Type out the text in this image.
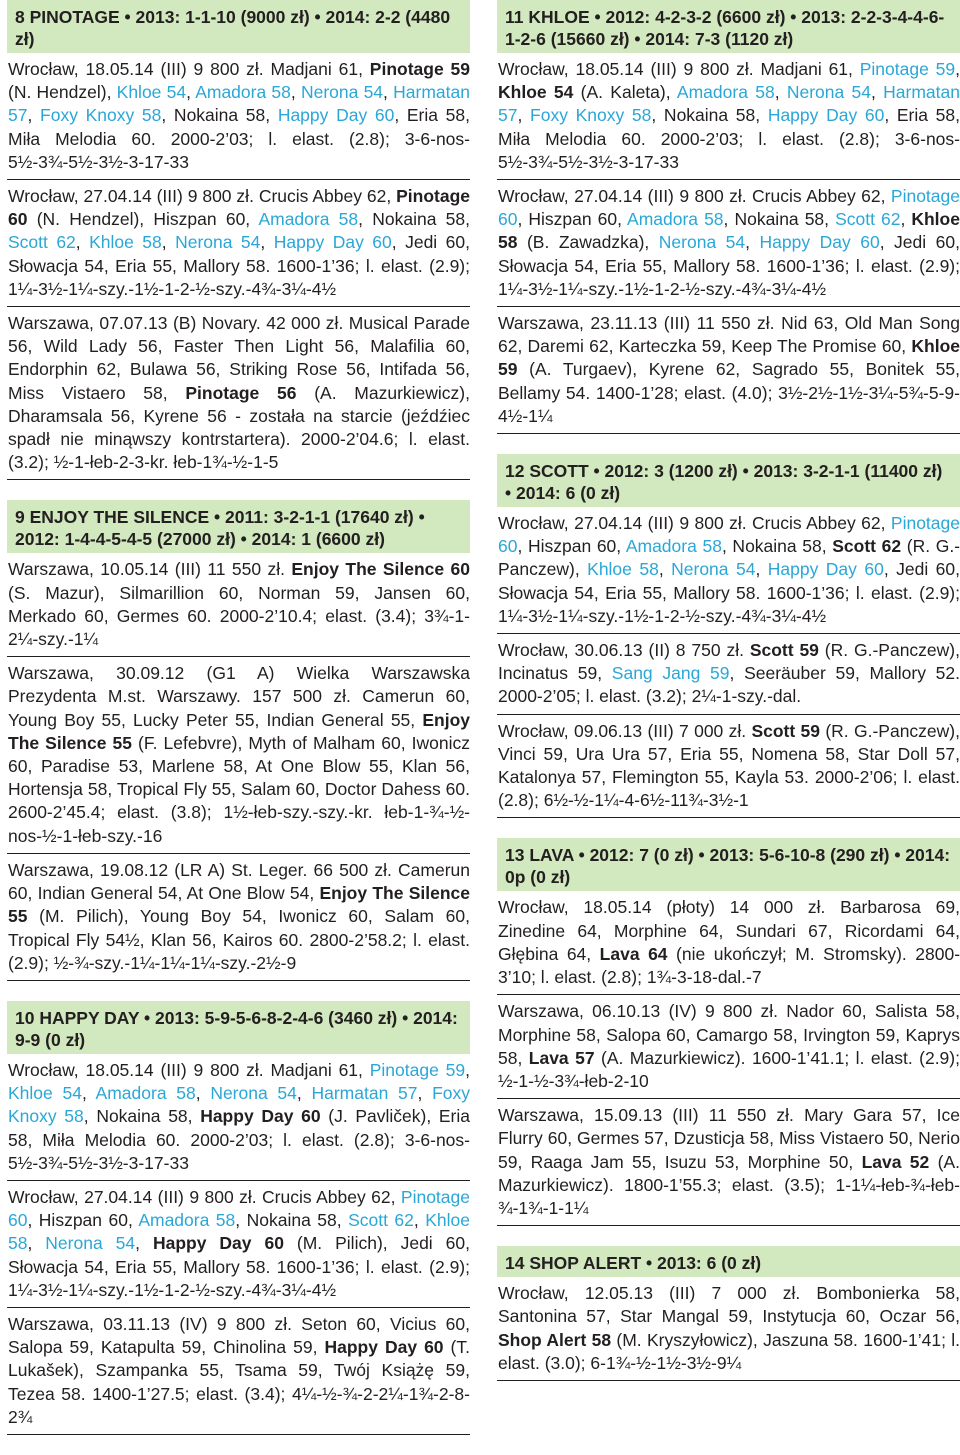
8 PINOTAGE • 2013: 1-1-10 (9000 zł) • 2014: 2-2 (4480 zł)

Wrocław, 18.05.14 (III) 9 800 zł. Madjani 61, Pinotage 59 (N. Hendzel), Khloe 54, Amadora 58, Nerona 54, Harmatan 57, Foxy Knoxy 58, Nokaina 58, Happy Day 60, Eria 58, Miła Melodia 60. 2000-2’03; l. elast. (2.8); 3-6-nos-5½-3¾-5½-3½-3-17-33

Wrocław, 27.04.14 (III) 9 800 zł. Crucis Abbey 62, Pinotage 60 (N. Hendzel), Hiszpan 60, Amadora 58, Nokaina 58, Scott 62, Khloe 58, Nerona 54, Happy Day 60, Jedi 60, Słowacja 54, Eria 55, Mallory 58. 1600-1’36; l. elast. (2.9); 1¼-3½-1¼-szy.-1½-1-2-½-szy.-4¾-3¼-4½

Warszawa, 07.07.13 (B) Novary. 42 000 zł. Musical Parade 56, Wild Lady 56, Faster Then Light 56, Malafilia 60, Endorphin 62, Bulawa 56, Striking Rose 56, Intifada 56, Miss Vistaero 58, Pinotage 56 (A. Mazurkiewicz), Dharamsala 56, Kyrene 56 - została na starcie (jeźdźiec spadł nie minąwszy kontrstartera). 2000-2’04.6; l. elast. (3.2); ½-1-łeb-2-3-kr. łeb-1¾-½-1-5

9 ENJOY THE SILENCE • 2011: 3-2-1-1 (17640 zł) • 2012: 1-4-4-5-4-5 (27000 zł) • 2014: 1 (6600 zł)

Warszawa, 10.05.14 (III) 11 550 zł. Enjoy The Silence 60 (S. Mazur), Silmarillion 60, Norman 59, Jansen 60, Merkado 60, Germes 60. 2000-2’10.4; elast. (3.4); 3¾-1-2¼-szy.-1¼

Warszawa, 30.09.12 (G1 A) Wielka Warszawska Prezydenta M.st. Warszawy. 157 500 zł. Camerun 60, Young Boy 55, Lucky Peter 55, Indian General 55, Enjoy The Silence 55 (F. Lefebvre), Myth of Malham 60, Iwonicz 60, Paradise 53, Marlene 58, At One Blow 55, Klan 56, Hortensja 58, Tropical Fly 55, Salam 60, Doctor Dahess 60. 2600-2’45.4; elast. (3.8); 1½-łeb-szy.-szy.-kr. łeb-1-¾-½-nos-½-1-łeb-szy.-16

Warszawa, 19.08.12 (LR A) St. Leger. 66 500 zł. Camerun 60, Indian General 54, At One Blow 54, Enjoy The Silence 55 (M. Pilich), Young Boy 54, Iwonicz 60, Salam 60, Tropical Fly 54½, Klan 56, Kairos 60. 2800-2’58.2; l. elast. (2.9); ½-¾-szy.-1¼-1¼-1¼-szy.-2½-9

10 HAPPY DAY • 2013: 5-9-5-6-8-2-4-6 (3460 zł) • 2014: 9-9 (0 zł)

Wrocław, 18.05.14 (III) 9 800 zł. Madjani 61, Pinotage 59, Khloe 54, Amadora 58, Nerona 54, Harmatan 57, Foxy Knoxy 58, Nokaina 58, Happy Day 60 (J. Pavliček), Eria 58, Miła Melodia 60. 2000-2’03; l. elast. (2.8); 3-6-nos-5½-3¾-5½-3½-3-17-33

Wrocław, 27.04.14 (III) 9 800 zł. Crucis Abbey 62, Pinotage 60, Hiszpan 60, Amadora 58, Nokaina 58, Scott 62, Khloe 58, Nerona 54, Happy Day 60 (M. Pilich), Jedi 60, Słowacja 54, Eria 55, Mallory 58. 1600-1’36; l. elast. (2.9); 1¼-3½-1¼-szy.-1½-1-2-½-szy.-4¾-3¼-4½

Warszawa, 03.11.13 (IV) 9 800 zł. Seton 60, Vicius 60, Salopa 59, Katapulta 59, Chinolina 59, Happy Day 60 (T. Lukašek), Szampanka 55, Tsama 59, Twój Książę 59, Tezea 58. 1400-1’27.5; elast. (3.4); 4¼-½-¾-2-2¼-1¾-2-8-2¾

11 KHLOE • 2012: 4-2-3-2 (6600 zł) • 2013: 2-2-3-4-4-6-1-2-6 (15660 zł) • 2014: 7-3 (1120 zł)

Wrocław, 18.05.14 (III) 9 800 zł. Madjani 61, Pinotage 59, Khloe 54 (A. Kaleta), Amadora 58, Nerona 54, Harmatan 57, Foxy Knoxy 58, Nokaina 58, Happy Day 60, Eria 58, Miła Melodia 60. 2000-2’03; l. elast. (2.8); 3-6-nos-5½-3¾-5½-3½-3-17-33

Wrocław, 27.04.14 (III) 9 800 zł. Crucis Abbey 62, Pinotage 60, Hiszpan 60, Amadora 58, Nokaina 58, Scott 62, Khloe 58 (B. Zawadzka), Nerona 54, Happy Day 60, Jedi 60, Słowacja 54, Eria 55, Mallory 58. 1600-1’36; l. elast. (2.9); 1¼-3½-1¼-szy.-1½-1-2-½-szy.-4¾-3¼-4½

Warszawa, 23.11.13 (III) 11 550 zł. Nid 63, Old Man Song 62, Daremi 62, Karteczka 59, Keep The Promise 60, Khloe 59 (A. Turgaev), Kyrene 62, Sagrado 55, Bonitek 55, Bellamy 54. 1400-1’28; elast. (4.0); 3½-2½-1½-3¼-5¾-5-9-4½-1¼

12 SCOTT • 2012: 3 (1200 zł) • 2013: 3-2-1-1 (11400 zł) • 2014: 6 (0 zł)

Wrocław, 27.04.14 (III) 9 800 zł. Crucis Abbey 62, Pinotage 60, Hiszpan 60, Amadora 58, Nokaina 58, Scott 62 (R. G.-Panczew), Khloe 58, Nerona 54, Happy Day 60, Jedi 60, Słowacja 54, Eria 55, Mallory 58. 1600-1’36; l. elast. (2.9); 1¼-3½-1¼-szy.-1½-1-2-½-szy.-4¾-3¼-4½

Wrocław, 30.06.13 (II) 8 750 zł. Scott 59 (R. G.-Panczew), Incinatus 59, Sang Jang 59, Seeräuber 59, Mallory 52. 2000-2’05; l. elast. (3.2); 2¼-1-szy.-dal.

Wrocław, 09.06.13 (III) 7 000 zł. Scott 59 (R. G.-Panczew), Vinci 59, Ura Ura 57, Eria 55, Nomena 58, Star Doll 57, Katalonya 57, Flemington 55, Kayla 53. 2000-2’06; l. elast. (2.8); 6½-½-1¼-4-6½-11¾-3½-1

13 LAVA • 2012: 7 (0 zł) • 2013: 5-6-10-8 (290 zł) • 2014: 0p (0 zł)

Wrocław, 18.05.14 (płoty) 14 000 zł. Barbarosa 69, Zinedine 64, Morphine 64, Sundari 67, Ricordami 64, Głębina 64, Lava 64 (nie ukończył; M. Stromsky). 2800-3’10; l. elast. (2.8); 1¾-3-18-dal.-7

Warszawa, 06.10.13 (IV) 9 800 zł. Nador 60, Salista 58, Morphine 58, Salopa 60, Camargo 58, Irvington 59, Kaprys 58, Lava 57 (A. Mazurkiewicz). 1600-1’41.1; l. elast. (2.9); ½-1-½-3¾-łeb-2-10

Warszawa, 15.09.13 (III) 11 550 zł. Mary Gara 57, Ice Flurry 60, Germes 57, Dzusticja 58, Miss Vistaero 50, Nerio 59, Raaga Jam 55, Isuzu 53, Morphine 50, Lava 52 (A. Mazurkiewicz). 1800-1’55.3; elast. (3.5); 1-1¼-łeb-¾-łeb-¾-1¾-1-1¼

14 SHOP ALERT • 2013: 6 (0 zł)

Wrocław, 12.05.13 (III) 7 000 zł. Bombonierka 58, Santonina 57, Star Mangal 59, Instytucja 60, Oczar 56, Shop Alert 58 (M. Kryszyłowicz), Jaszuna 58. 1600-1’41; l. elast. (3.0); 6-1¾-½-1½-3½-9¼
